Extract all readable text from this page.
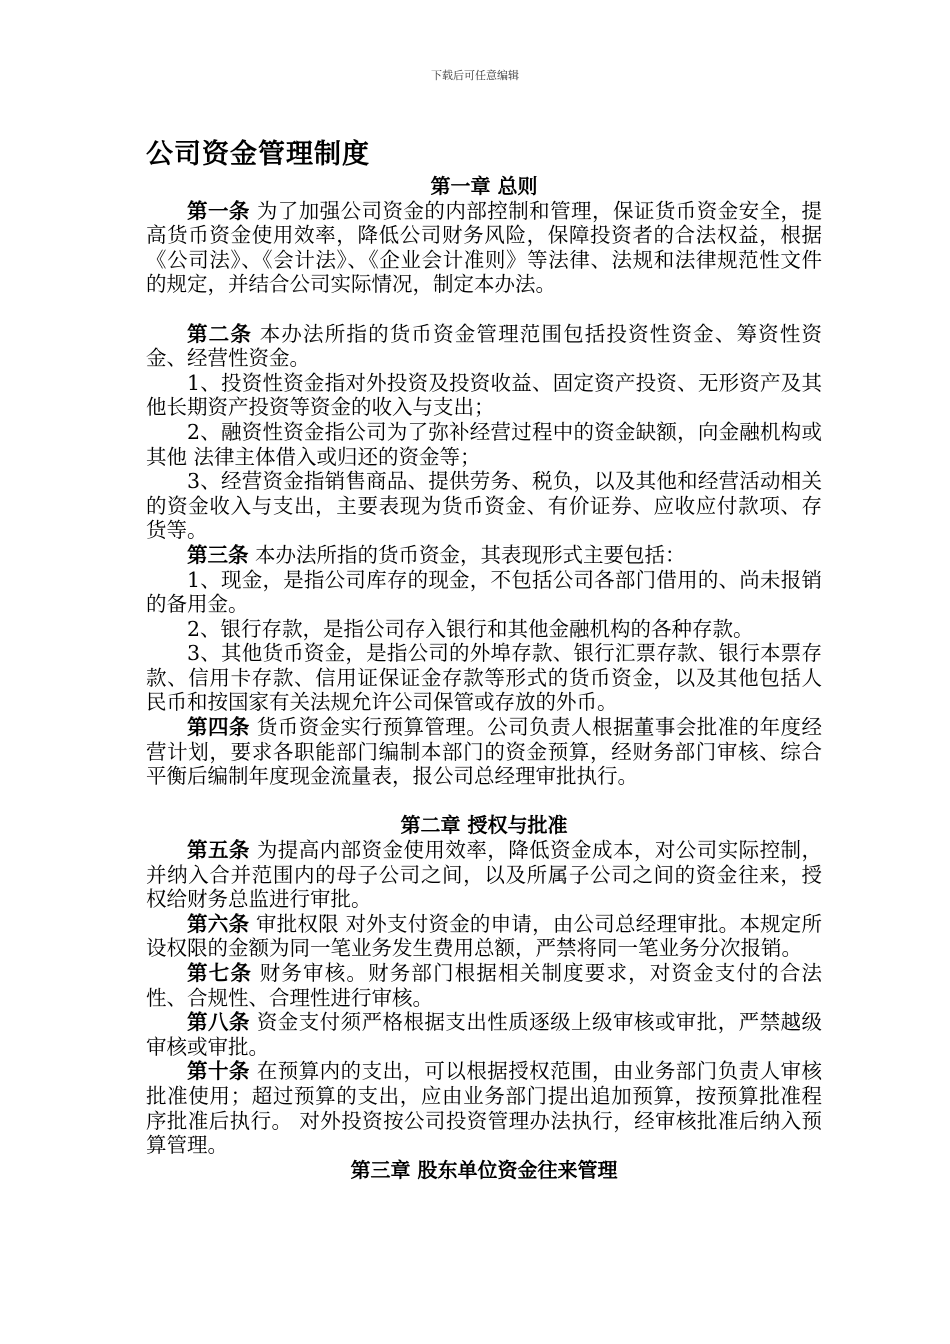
下载后可任意编辑
公司资金管理制度

第一章 总则

第一条 为了加强公司资金的内部控制和管理，保证货币资金安全，提高货币资金使用效率，降低公司财务风险，保障投资者的合法权益，根据《公司法》、《会计法》、《企业会计准则》等法律、法规和法律规范性文件的规定，并结合公司实际情况，制定本办法。

第二条 本办法所指的货币资金管理范围包括投资性资金、筹资性资金、经营性资金。

1、投资性资金指对外投资及投资收益、固定资产投资、无形资产及其他长期资产投资等资金的收入与支出；

2、融资性资金指公司为了弥补经营过程中的资金缺额，向金融机构或其他 法律主体借入或归还的资金等；

3、经营资金指销售商品、提供劳务、税负，以及其他和经营活动相关的资金收入与支出，主要表现为货币资金、有价证券、应收应付款项、存货等。

第三条 本办法所指的货币资金，其表现形式主要包括：

1、现金，是指公司库存的现金，不包括公司各部门借用的、尚未报销的备用金。

2、银行存款，是指公司存入银行和其他金融机构的各种存款。

3、其他货币资金，是指公司的外埠存款、银行汇票存款、银行本票存款、信用卡存款、信用证保证金存款等形式的货币资金，以及其他包括人民币和按国家有关法规允许公司保管或存放的外币。

第四条 货币资金实行预算管理。公司负责人根据董事会批准的年度经营计划，要求各职能部门编制本部门的资金预算，经财务部门审核、综合平衡后编制年度现金流量表，报公司总经理审批执行。

第二章 授权与批准

第五条 为提高内部资金使用效率，降低资金成本，对公司实际控制，并纳入合并范围内的母子公司之间，以及所属子公司之间的资金往来，授权给财务总监进行审批。

第六条 审批权限 对外支付资金的申请，由公司总经理审批。本规定所设权限的金额为同一笔业务发生费用总额，严禁将同一笔业务分次报销。

第七条 财务审核。财务部门根据相关制度要求，对资金支付的合法性、合规性、合理性进行审核。

第八条 资金支付须严格根据支出性质逐级上级审核或审批，严禁越级审核或审批。

第十条 在预算内的支出，可以根据授权范围，由业务部门负责人审核批准使用；超过预算的支出，应由业务部门提出追加预算，按预算批准程序批准后执行。 对外投资按公司投资管理办法执行，经审核批准后纳入预算管理。

第三章 股东单位资金往来管理
